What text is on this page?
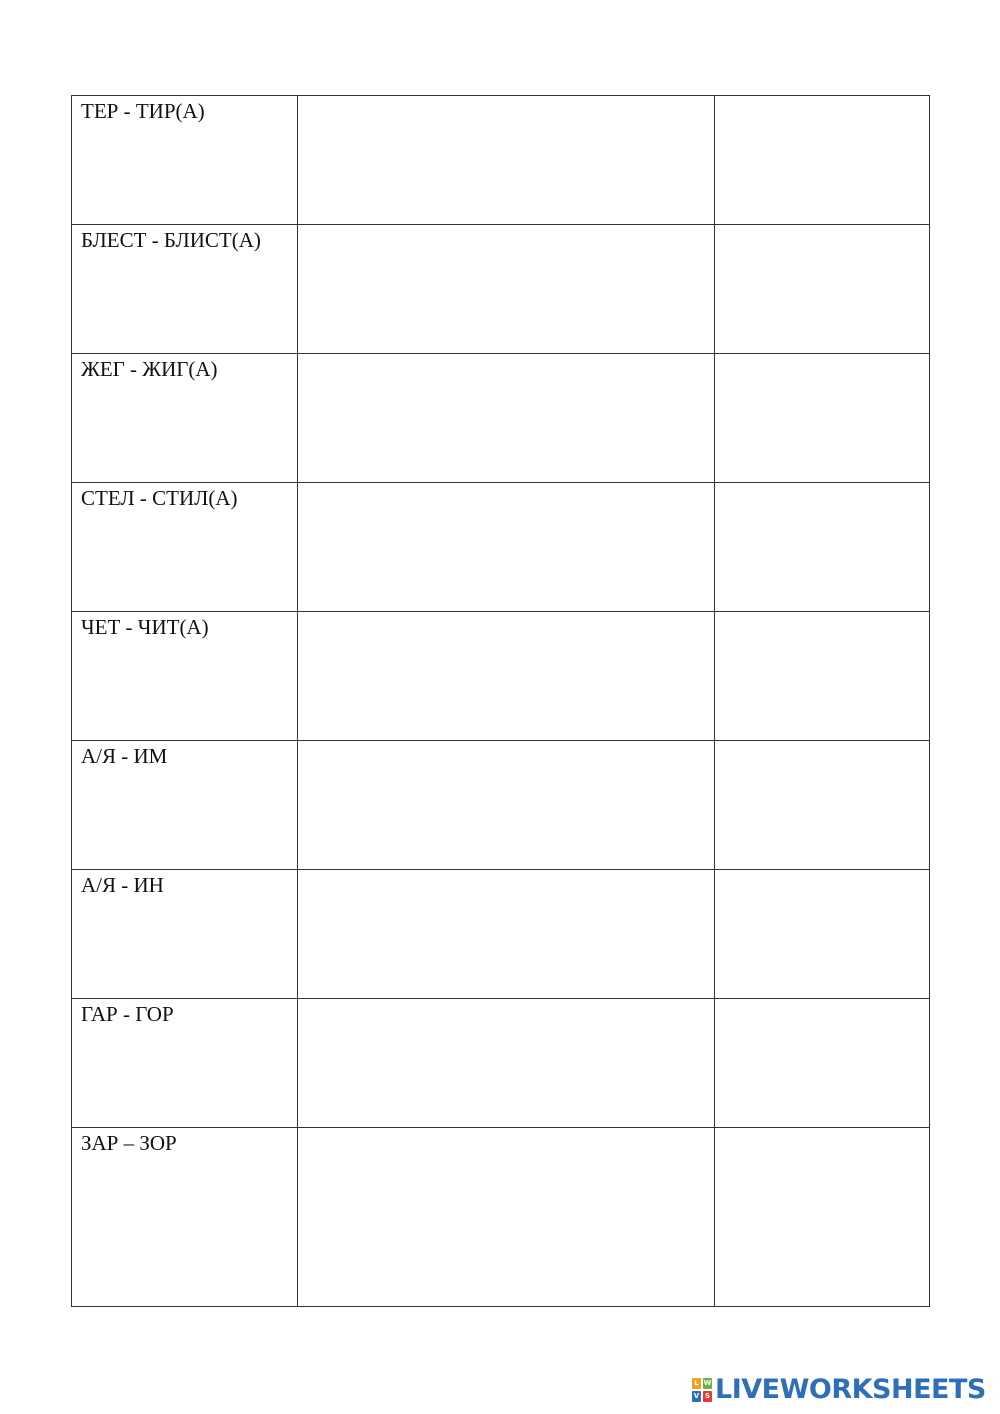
ТЕР - ТИР(А)		

БЛЕСТ - БЛИСТ(А)		

ЖЕГ - ЖИГ(А)		

СТЕЛ - СТИЛ(А)		

ЧЕТ - ЧИТ(А)		

А/Я - ИМ		

А/Я - ИН		

ГАР - ГОР		

ЗАР – ЗОР		

L W
V S LIVEWORKSHEETS
